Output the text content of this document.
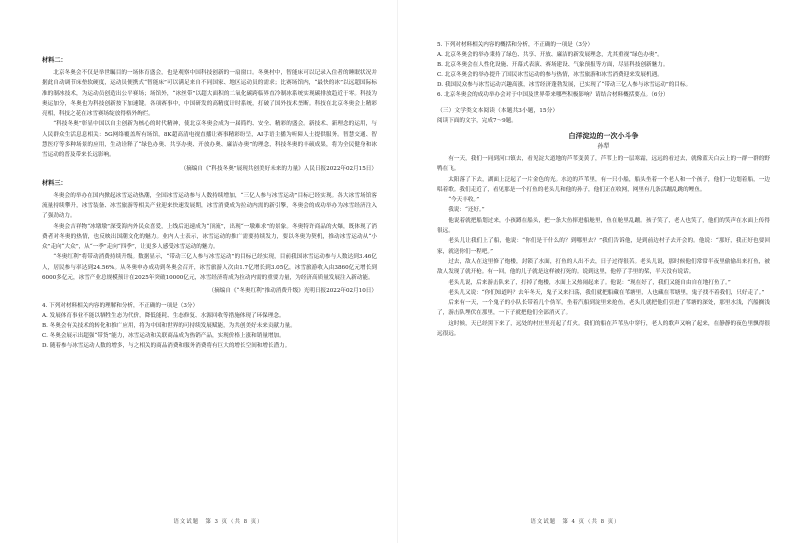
材料二：

北京冬奥会不仅是举世瞩目的一场体育盛会，也是观察中国科技创新的一扇窗口。冬奥村中，智能床可以记录入住者的睡眠状况并据此自动调节床垫软硬度，运动员便携式“智能床”可以满足来自不同国家、地区运动员的需求；比赛场馆内，“最快的冰”以远超国际标准的制冰技术，为运动员创造出公平赛场；场馆外，“冰丝带”以超大面积的二氧化碳跨临界直冷制冰系统实现碳排放趋近于零。科技为奥运加分，冬奥也为科技创新按下加速键。各项赛事中，中国研发的高精度计时系统，打破了国外技术垄断。科技在北京冬奥会上精彩亮相，科技之花在冰雪赛场绽放得格外绚烂。

“科技冬奥”彰显中国以自主创新为核心的时代精神，使北京冬奥会成为一届简约、安全、精彩的盛会。新技术、新理念的运用，与人民群众生活息息相关：5G网络覆盖所有场馆，8K超高清电视直播让赛事精彩纷呈，AI手语主播为听障人士提供服务。智慧交通、智慧医疗等多种场景的应用，生动诠释了“绿色办奥、共享办奥、开放办奥、廉洁办奥”的理念，科技冬奥的丰硕成果，将为全民健身和冰雪运动的普及带来长远影响。

（摘编自《“科技冬奥”展现共创美好未来的力量》人民日报2022年02月15日）
材料三：

冬奥会的举办在国内掀起冰雪运动热潮，全国冰雪运动参与人数持续增加，“三亿人参与冰雪运动”目标已经实现。各大冰雪场馆客流量持续攀升，冰雪装备、冰雪旅游等相关产业迎来快速发展期，冰雪消费成为拉动内需的新引擎，冬奥会的成功举办为冰雪经济注入了强劲动力。

冬奥会吉祥物“冰墩墩”深受海内外民众喜爱，上线后迅速成为“顶流”，出现“一墩难求”的景象。冬奥特许商品的火爆，既体现了消费者对冬奥的热情，也反映出国潮文化的魅力。业内人士表示，冰雪运动的推广需要持续发力，要以冬奥为契机，推动冰雪运动从“小众”走向“大众”，从“一季”走向“四季”，让更多人感受冰雪运动的魅力。

“冬奥红利”将带动消费持续升级。数据显示，“带动三亿人参与冰雪运动”的目标已经实现，目前我国冰雪运动参与人数达到3.46亿人，居民参与率达到24.56%。从冬奥申办成功到冬奥会召开，冰雪旅游人次由1.7亿增长到3.05亿，冰雪旅游收入由3860亿元增长到6000多亿元，冰雪产业总规模预计在2025年突破10000亿元，冰雪经济将成为拉动内需的重要力量，为经济高质量发展注入新动能。

（摘编自《“冬奥红利”推动消费升级》光明日报2022年02月10日）
4. 下列对材料相关内容的理解和分析，不正确的一项是（3分）
A. 发展体育事业不能以牺牲生态为代价，降低能耗、生态修复、水源回收等措施体现了环保理念。
B. 冬奥会有关技术的转化和推广应用，将为中国和世界的可持续发展赋能，为共创美好未来贡献力量。
C. 冬奥会展示出超强“带货”能力，冰雪运动和关联商品成为热销产品，实现价格上涨和销量增加。
D. 随着参与冰雪运动人数的增多，与之相关的商品消费和服务消费将有巨大的增长空间和增长潜力。
语文试题　第 3 页（共 8 页）
5. 下列对材料相关内容的概括和分析，不正确的一项是（3分）
A. 北京冬奥会的举办秉持了绿色、共享、开放、廉洁的新发展理念，尤其重视“绿色办奥”。
B. 北京冬奥会在人性化设施、开幕式表演、赛场建设、气象预报等方面，尽显科技创新魅力。
C. 北京冬奥会的举办提升了国民冰雪运动的参与热情，冰雪旅游和冰雪消费迎来发展机遇。
D. 我国民众参与冰雪运动兴趣高涨，冰雪经济蓬勃发展，已实现了“带动三亿人参与冰雪运动”的目标。
6. 北京冬奥会的成功举办会对于中国及世界带来哪些积极影响？请结合材料概括要点。（6分）
（三）文学类文本阅读（本题共3小题，15分）
阅读下面的文字，完成7～9题。
白洋淀边的一次小斗争
孙犁

有一天，我们一同到河口镇去，看见淀大道地的芦苇变黄了，芦苇上的一层寒霜，远远的看过去，就像蓝天白云上的一群一群的野鸭在飞。

太阳落了下去，湖面上泛起了一片金色的光。水边的芦苇里，有一只小船，船头坐着一个老人和一个孩子，他们一边划着船，一边唱着歌。我们走近了，看见那是一个打鱼的老头儿和他的孙子，他们正在收网，网里有几条活蹦乱跳的鲤鱼。

“今天丰收。”

我说：“还好。”

他说着就把船划过来，小孩蹲在船头，把一条大鱼摔进船舱里，鱼在舱里乱蹦。孩子笑了，老人也笑了，他们的笑声在水面上传得很远。

老头儿让我们上了船，他说：“你们是干什么的？到哪里去？”我们告诉他，是到前边村子去开会的。他说：“那好，我正好也要回家，就送你们一程吧。”

过去，敌人在这里修了炮楼，封锁了水面，打鱼的人出不去，日子过得很苦。老头儿说，那时候他们常常半夜里偷偷出来打鱼，被敌人发现了就开枪。有一回，他的儿子就是这样被打死的。说到这里，他停了手里的桨，半天没有说话。

老头儿说，后来游击队来了，打掉了炮楼，水面上又热闹起来了。他说：“现在好了，我们又能自由自在地打鱼了。”

老头儿又说：“你们知道吗？去年冬天，鬼子又来扫荡，我们就把船藏在苇塘里，人也藏在苇塘里，鬼子找不着我们，只好走了。”

后来有一天，一个鬼子的小队长带着几个伪军，坐着汽船到淀里来抢鱼，老头儿就把他们引进了苇塘的深处，那里水浅，汽船搁浅了，游击队埋伏在那里，一下子就把他们全部消灭了。

这时候，天已经黑下来了，远处的村庄里亮起了灯火。我们的船在芦苇丛中穿行，老人的歌声又响了起来，在静静的夜色里飘得很远很远。

语文试题　第 4 页（共 8 页）
